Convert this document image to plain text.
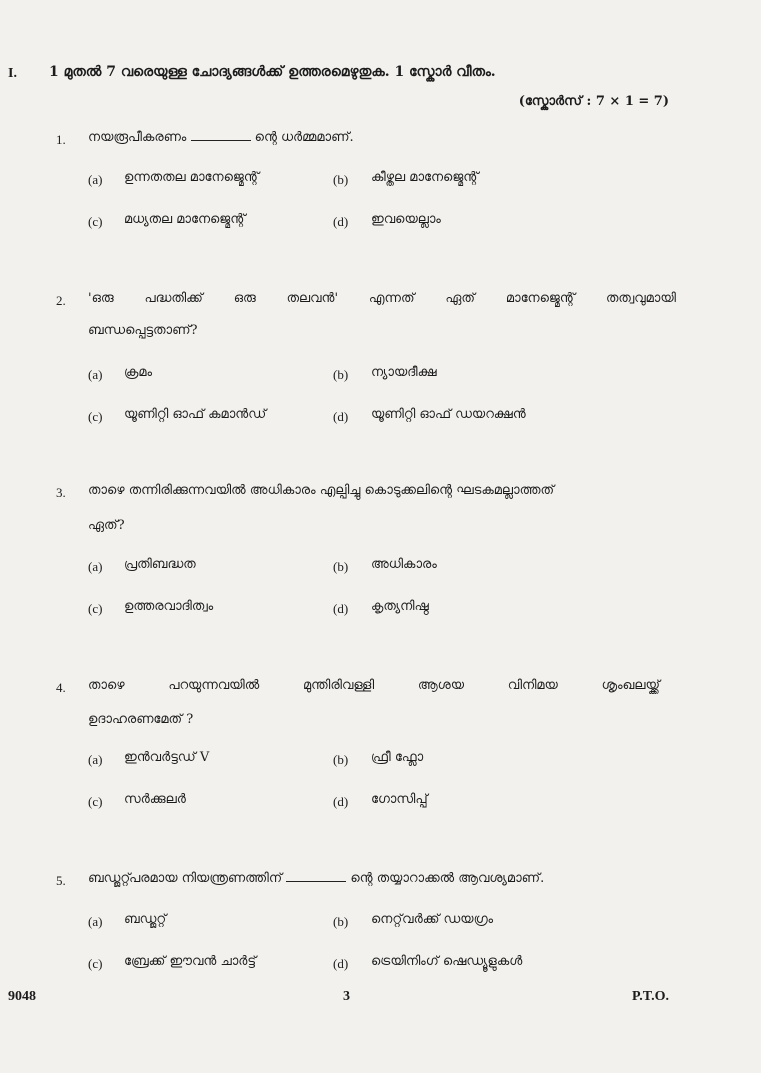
I. 1 മുതൽ 7 വരെയുള്ള ചോദ്യങ്ങൾക്ക് ഉത്തരമെഴുതുക. 1 സ്കോർ വീതം.
(സ്കോർസ് : 7 × 1 = 7)
1. നയരൂപീകരണം	ന്റെ ധർമ്മമാണ്.
(a) ഉന്നതതല മാനേജ്മെന്റ്	(b) കീഴ്തല മാനേജ്മെന്റ്
(c) മധ്യതല മാനേജ്മെന്റ്	(d) ഇവയെല്ലാം
2. 'ഒരു പദ്ധതിക്ക് ഒരു തലവൻ' എന്നത് ഏത് മാനേജ്മെന്റ് തത്വവുമായി
ബന്ധപ്പെട്ടതാണ്?
(a) ക്രമം	(b) ന്യായദീക്ഷ
(c) യൂണിറ്റി ഓഫ് കമാൻഡ്	(d) യൂണിറ്റി ഓഫ് ഡയറക്ഷൻ
3. താഴെ തന്നിരിക്കുന്നവയിൽ അധികാരം എല്പിച്ചു കൊടുക്കലിന്റെ ഘടകമല്ലാത്തത്
ഏത്?
(a) പ്രതിബദ്ധത	(b) അധികാരം
(c) ഉത്തരവാദിത്വം	(d) കൃത്യനിഷ്ഠ
4. താഴെ	പറയുന്നവയിൽ	മുന്തിരിവള്ളി	ആശയ	വിനിമയ	ശൃംഖലയ്ക്ക്
ഉദാഹരണമേത് ?
(a) ഇൻവർട്ടഡ് V	(b) ഫ്രീ ഫ്ലോ
(c) സർക്കുലർ	(d) ഗോസിപ്പ്
5. ബഡ്ജറ്റ്പരമായ നിയന്ത്രണത്തിന്	ന്റെ തയ്യാറാക്കൽ ആവശ്യമാണ്.
(a) ബഡ്ജറ്റ്	(b) നെറ്റ്‌വർക്ക് ഡയഗ്രം
(c) ബ്രേക്ക് ഈവൻ ചാർട്ട്	(d) ട്രെയിനിംഗ് ഷെഡ്യൂളുകൾ
9048	3	P.T.O.
